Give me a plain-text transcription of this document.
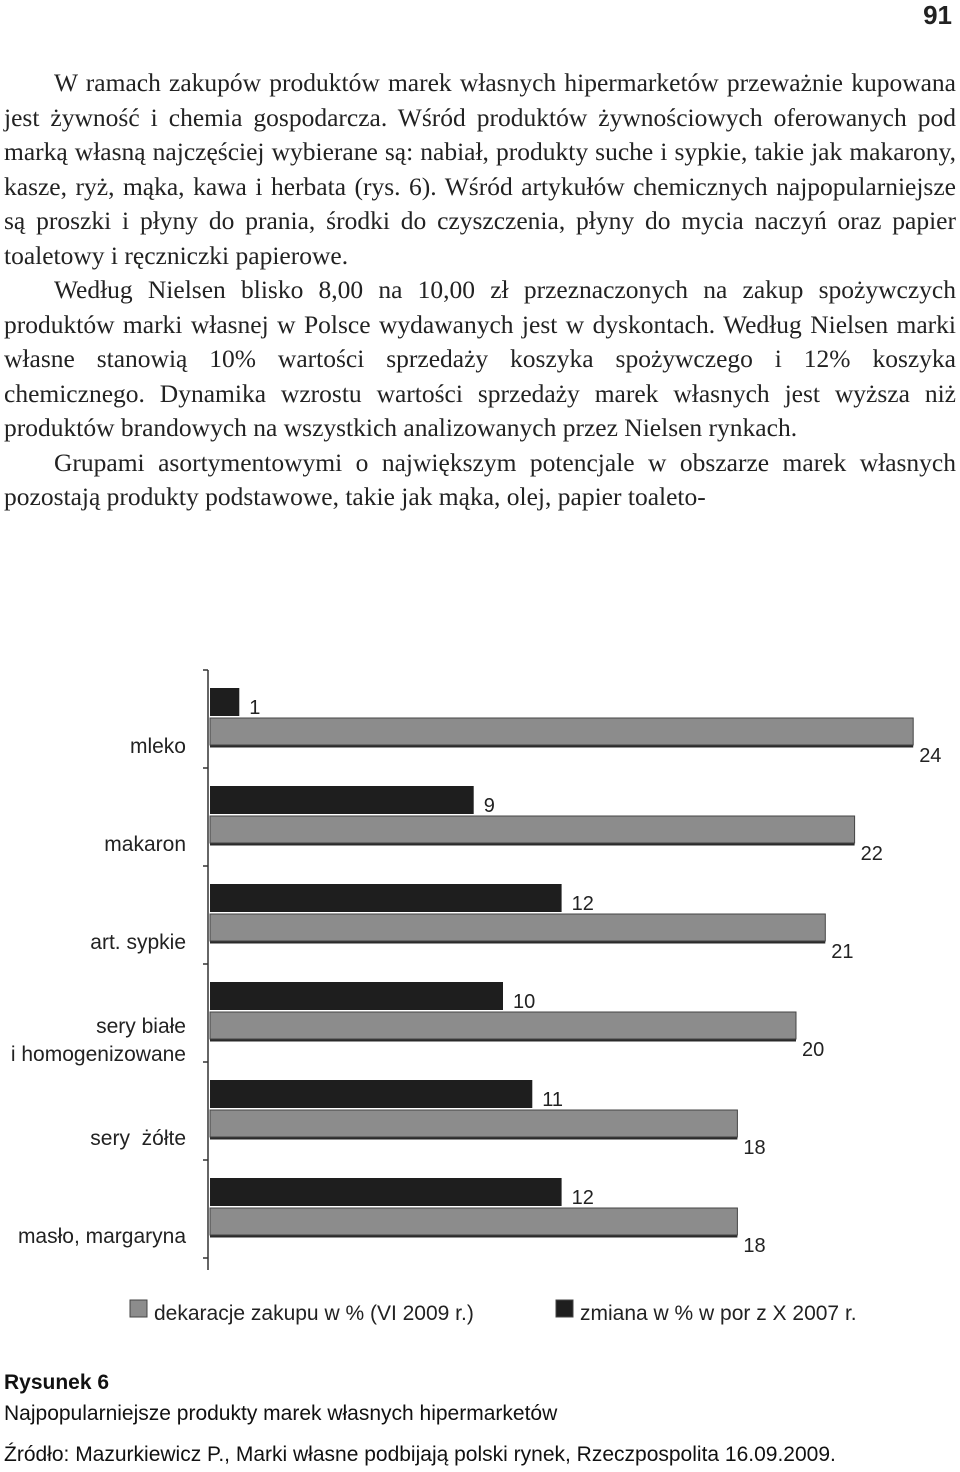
91

W ramach zakupów produktów marek własnych hipermarketów przeważnie kupowana jest żywność i chemia gospodarcza. Wśród produktów żywnościowych oferowanych pod marką własną najczęściej wybierane są: nabiał, produkty suche i sypkie, takie jak makarony, kasze, ryż, mąka, kawa i herbata (rys. 6). Wśród artykułów chemicznych najpopularniejsze są proszki i płyny do prania, środki do czyszczenia, płyny do mycia naczyń oraz papier toaletowy i ręczniczki papierowe.

Według Nielsen blisko 8,00 na 10,00 zł przeznaczonych na zakup spożywczych produktów marki własnej w Polsce wydawanych jest w dyskontach. Według Nielsen marki własne stanowią 10% wartości sprzedaży koszyka spożywczego i 12% koszyka chemicznego. Dynamika wzrostu wartości sprzedaży marek własnych jest wyższa niż produktów brandowych na wszystkich analizowanych przez Nielsen rynkach.

Grupami asortymentowymi o największym potencjale w obszarze marek własnych pozostają produkty podstawowe, takie jak mąka, olej, papier toaleto-

1
24
mleko
9
22
makaron
12
21
art. sypkie
10
20
sery białe
i homogenizowane
11
18
sery  żółte
12
18
masło, margaryna
dekaracje zakupu w % (VI 2009 r.)	zmiana w % w por z X 2007 r.
Rysunek 6
Najpopularniejsze produkty marek własnych hipermarketów
Źródło: Mazurkiewicz P., Marki własne podbijają polski rynek, Rzeczpospolita 16.09.2009.
